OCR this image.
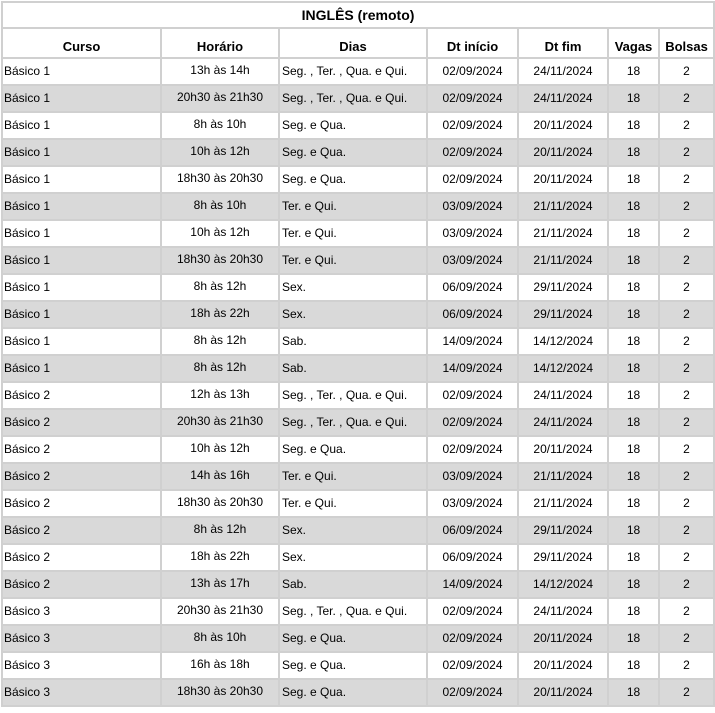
INGLÊS (remoto)						
Curso	Horário	Dias	Dt início	Dt fim	Vagas	Bolsas
Básico 1	13h às 14h	Seg. , Ter. , Qua. e Qui.	02/09/2024	24/11/2024	18	2
Básico 1	20h30 às 21h30	Seg. , Ter. , Qua. e Qui.	02/09/2024	24/11/2024	18	2
Básico 1	8h às 10h	Seg. e Qua.	02/09/2024	20/11/2024	18	2
Básico 1	10h às 12h	Seg. e Qua.	02/09/2024	20/11/2024	18	2
Básico 1	18h30 às 20h30	Seg. e Qua.	02/09/2024	20/11/2024	18	2
Básico 1	8h às 10h	Ter. e Qui.	03/09/2024	21/11/2024	18	2
Básico 1	10h às 12h	Ter. e Qui.	03/09/2024	21/11/2024	18	2
Básico 1	18h30 às 20h30	Ter. e Qui.	03/09/2024	21/11/2024	18	2
Básico 1	8h às 12h	Sex.	06/09/2024	29/11/2024	18	2
Básico 1	18h às 22h	Sex.	06/09/2024	29/11/2024	18	2
Básico 1	8h às 12h	Sab.	14/09/2024	14/12/2024	18	2
Básico 1	8h às 12h	Sab.	14/09/2024	14/12/2024	18	2
Básico 2	12h às 13h	Seg. , Ter. , Qua. e Qui.	02/09/2024	24/11/2024	18	2
Básico 2	20h30 às 21h30	Seg. , Ter. , Qua. e Qui.	02/09/2024	24/11/2024	18	2
Básico 2	10h às 12h	Seg. e Qua.	02/09/2024	20/11/2024	18	2
Básico 2	14h às 16h	Ter. e Qui.	03/09/2024	21/11/2024	18	2
Básico 2	18h30 às 20h30	Ter. e Qui.	03/09/2024	21/11/2024	18	2
Básico 2	8h às 12h	Sex.	06/09/2024	29/11/2024	18	2
Básico 2	18h às 22h	Sex.	06/09/2024	29/11/2024	18	2
Básico 2	13h às 17h	Sab.	14/09/2024	14/12/2024	18	2
Básico 3	20h30 às 21h30	Seg. , Ter. , Qua. e Qui.	02/09/2024	24/11/2024	18	2
Básico 3	8h às 10h	Seg. e Qua.	02/09/2024	20/11/2024	18	2
Básico 3	16h às 18h	Seg. e Qua.	02/09/2024	20/11/2024	18	2
Básico 3	18h30 às 20h30	Seg. e Qua.	02/09/2024	20/11/2024	18	2
